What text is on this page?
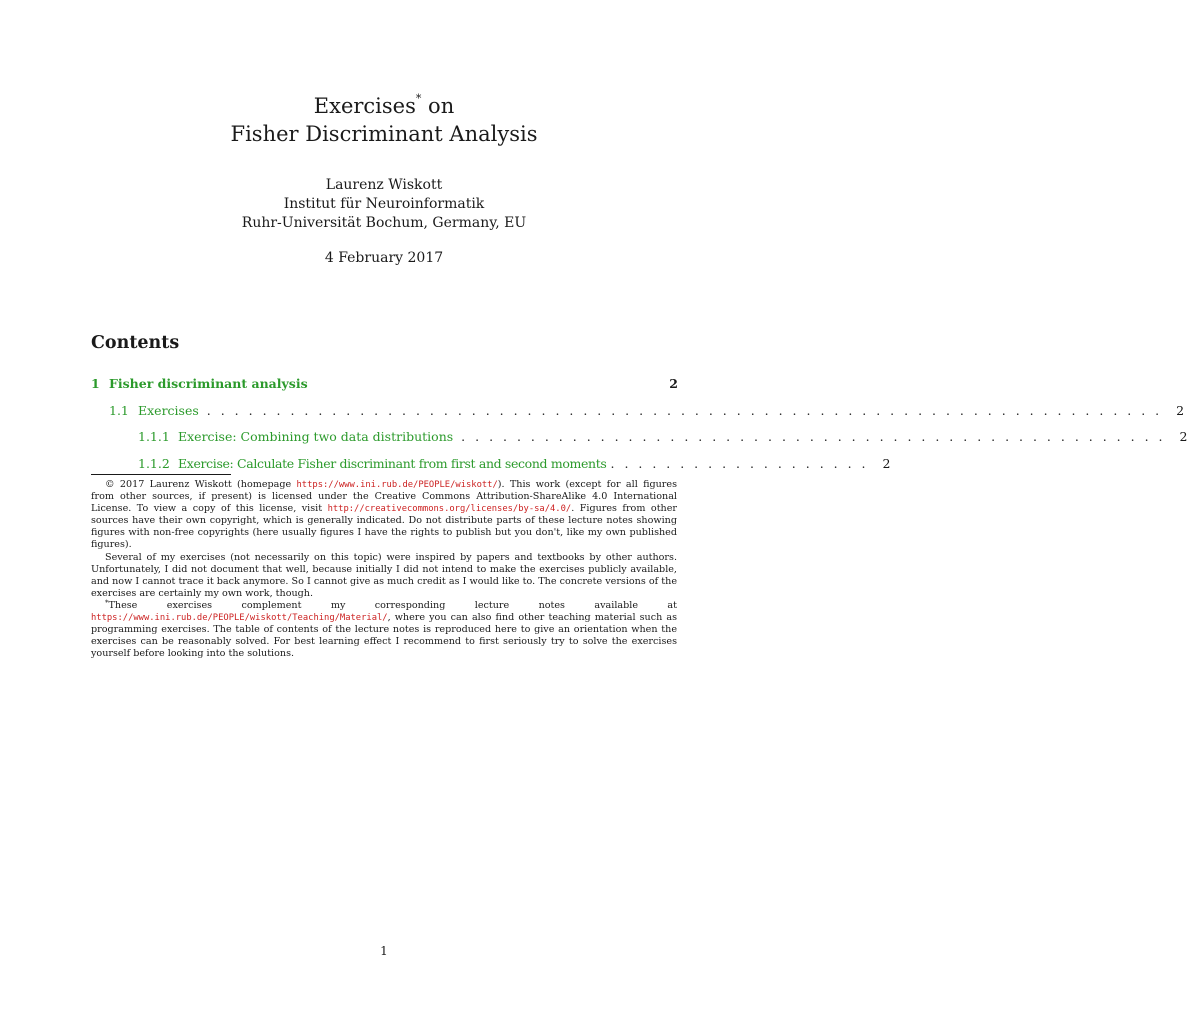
Exercises* on
Fisher Discriminant Analysis
Laurenz Wiskott
Institut für Neuroinformatik
Ruhr-Universität Bochum, Germany, EU
4 February 2017
Contents
1 Fisher discriminant analysis	2
1.1 Exercises . . . . . . . . . . . . . . . . . . . . . . . . . . . . . . . . . . . . . . . . . . . . . . . . . . . . . . . . . . . . . . . . . . . . . 2
1.1.1 Exercise: Combining two data distributions . . . . . . . . . . . . . . . . . . . . . . . . . . . . . . . . . . . . . . . . . . . . . . . . . . . 2
1.1.2 Exercise: Calculate Fisher discriminant from first and second moments . . . . . . . . . . . . . . . . . . . 2

© 2017 Laurenz Wiskott (homepage https://www.ini.rub.de/PEOPLE/wiskott/). This work (except for all figures from other sources, if present) is licensed under the Creative Commons Attribution-ShareAlike 4.0 International License. To view a copy of this license, visit http://creativecommons.org/licenses/by-sa/4.0/. Figures from other sources have their own copyright, which is generally indicated. Do not distribute parts of these lecture notes showing figures with non-free copyrights (here usually figures I have the rights to publish but you don't, like my own published figures).

Several of my exercises (not necessarily on this topic) were inspired by papers and textbooks by other authors. Unfortunately, I did not document that well, because initially I did not intend to make the exercises publicly available, and now I cannot trace it back anymore. So I cannot give as much credit as I would like to. The concrete versions of the exercises are certainly my own work, though.

*These exercises complement my corresponding lecture notes available at https://www.ini.rub.de/PEOPLE/wiskott/Teaching/Material/, where you can also find other teaching material such as programming exercises. The table of contents of the lecture notes is reproduced here to give an orientation when the exercises can be reasonably solved. For best learning effect I recommend to first seriously try to solve the exercises yourself before looking into the solutions.

1
